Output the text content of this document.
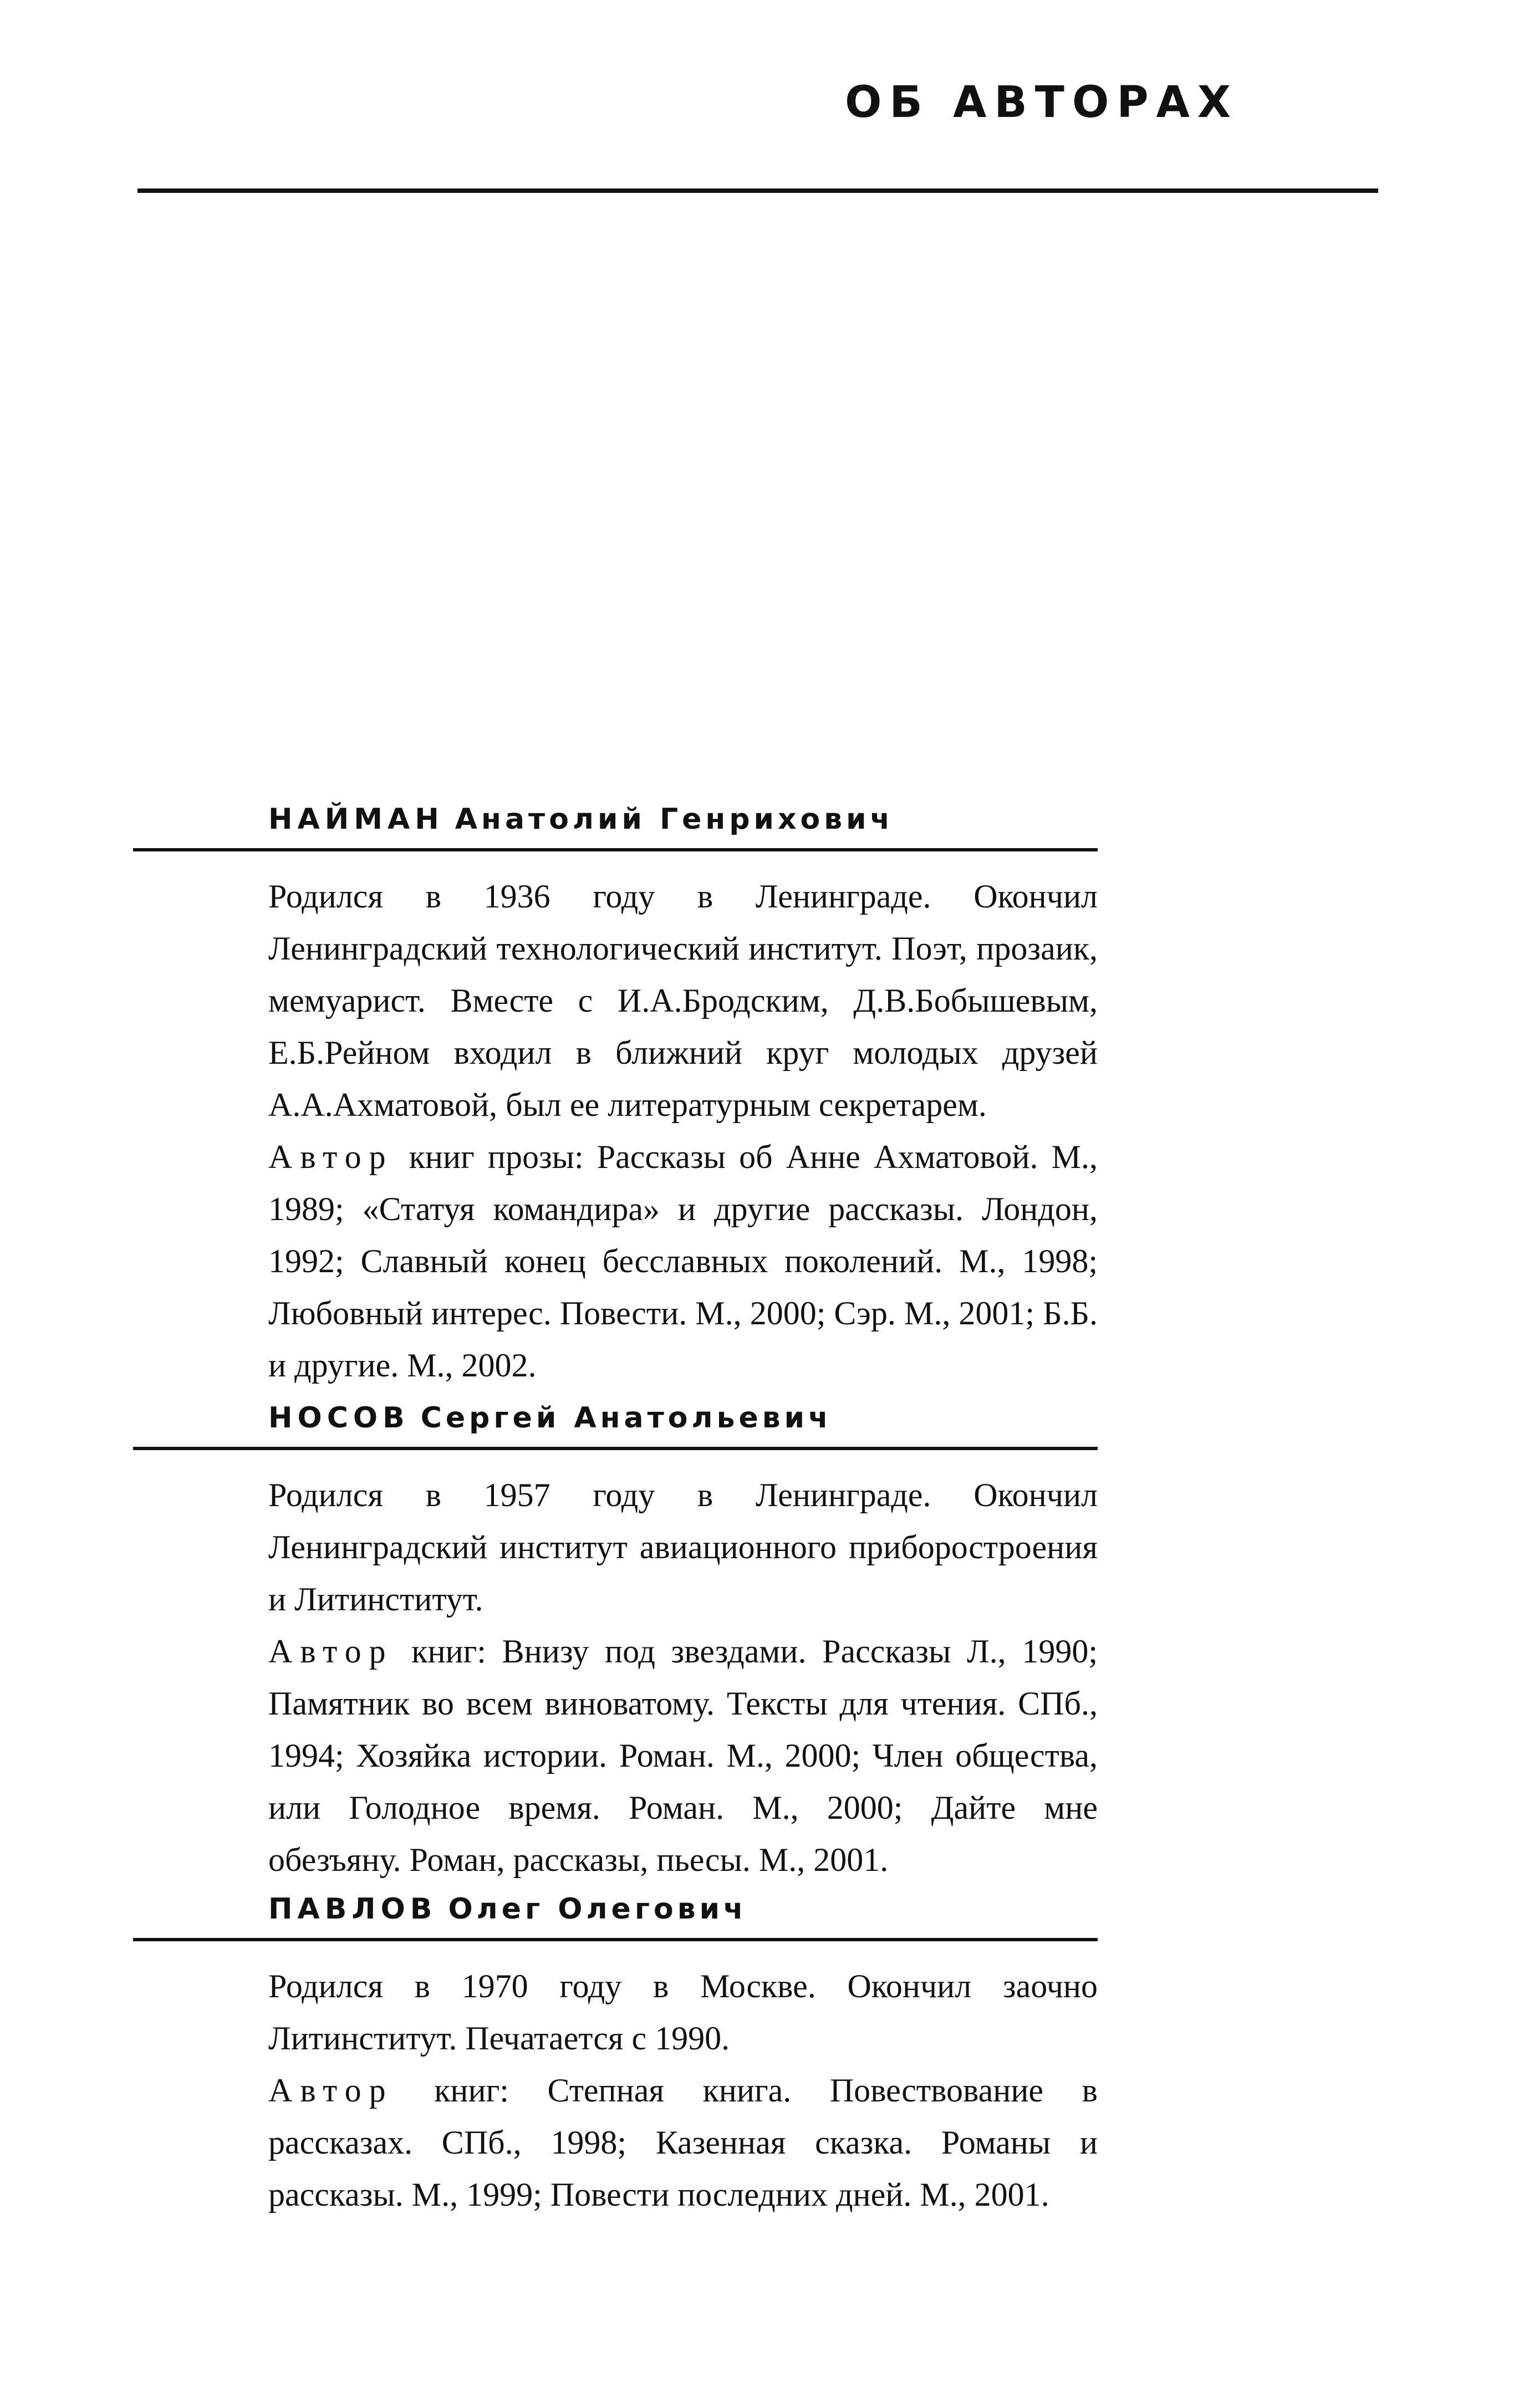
ОБ АВТОРАХ
НАЙМАН Анатолий Генрихович

Родился в 1936 году в Ленинграде. Окончил Ленинградский технологический институт. Поэт, прозаик, мемуарист. Вместе с И.А.Бродским, Д.В.Бобышевым, Е.Б.Рейном входил в ближний круг молодых друзей А.А.Ахматовой, был ее литературным секретарем.

Автор книг прозы: Рассказы об Анне Ахматовой. М., 1989; «Статуя командира» и другие рассказы. Лондон, 1992; Славный конец бесславных поколений. М., 1998; Любовный интерес. Повести. М., 2000; Сэр. М., 2001; Б.Б. и другие. М., 2002.

НОСОВ Сергей Анатольевич

Родился в 1957 году в Ленинграде. Окончил Ленинградский институт авиационного приборостроения и Литинститут.

Автор книг: Внизу под звездами. Рассказы Л., 1990; Памятник во всем виноватому. Тексты для чтения. СПб., 1994; Хозяйка истории. Роман. М., 2000; Член общества, или Голодное время. Роман. М., 2000; Дайте мне обезъяну. Роман, рассказы, пьесы. М., 2001.

ПАВЛОВ Олег Олегович

Родился в 1970 году в Москве. Окончил заочно Литинститут. Печатается с 1990.

Автор книг: Степная книга. Повествование в рассказах. СПб., 1998; Казенная сказка. Романы и рассказы. М., 1999; Повести последних дней. М., 2001.
